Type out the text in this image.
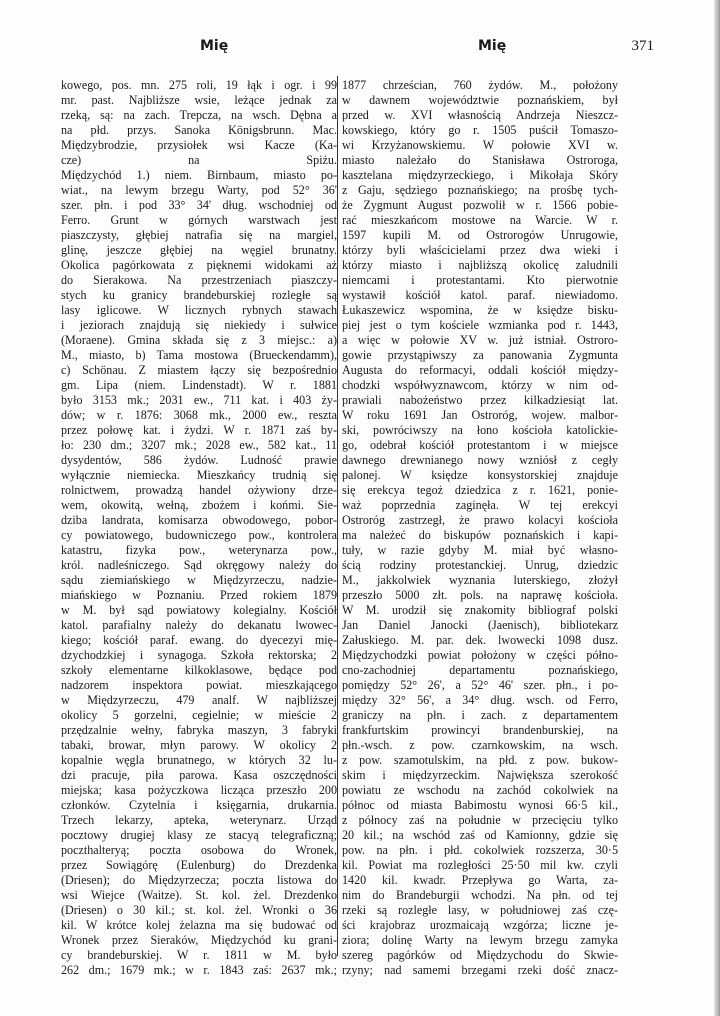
Mię	Mię	371
kowego, pos. mn. 275 roli, 19 łąk i ogr. i 99
mr. past. Najbliższe wsie, leżące jednak za
rzeką, są: na zach. Trepcza, na wsch. Dębna a
na płd. przys. Sanoka Königsbrunn. Mac.
Międzybrodzie, przysiołek wsi Kacze (Ka-
cze) na Spiżu.
Międzychód 1.) niem. Birnbaum, miasto po-
wiat., na lewym brzegu Warty, pod 52° 36'
szer. płn. i pod 33° 34' dług. wschodniej od
Ferro. Grunt w górnych warstwach jest
piaszczysty, głębiej natrafia się na margiel,
glinę, jeszcze głębiej na węgiel brunatny.
Okolica pagórkowata z pięknemi widokami aż
do Sierakowa. Na przestrzeniach piaszczy-
stych ku granicy brandeburskiej rozległe są
lasy iglicowe. W licznych rybnych stawach
i jeziorach znajdują się niekiedy i sułwice
(Moraene). Gmina składa się z 3 miejsc.: a)
M., miasto, b) Tama mostowa (Brueckendamm),
c) Schönau. Z miastem łączy się bezpośrednio
gm. Lipa (niem. Lindenstadt). W r. 1881
było 3153 mk.; 2031 ew., 711 kat. i 403 ży-
dów; w r. 1876: 3068 mk., 2000 ew., reszta
przez połowę kat. i żydzi. W r. 1871 zaś by-
ło: 230 dm.; 3207 mk.; 2028 ew., 582 kat., 11
dysydentów, 586 żydów. Ludność prawie
wyłącznie niemiecka. Mieszkańcy trudnią się
rolnictwem, prowadzą handel ożywiony drze-
wem, okowitą, wełną, zbożem i końmi. Sie-
dziba landrata, komisarza obwodowego, pobor-
cy powiatowego, budowniczego pow., kontrolera
katastru, fizyka pow., weterynarza pow.,
król. nadleśniczego. Sąd okręgowy należy do
sądu ziemiańskiego w Międzyrzeczu, nadzie-
miańskiego w Poznaniu. Przed rokiem 1879
w M. był sąd powiatowy kolegialny. Kościół
katol. parafialny należy do dekanatu lwowec-
kiego; kościół paraf. ewang. do dyecezyi mię-
dzychodzkiej i synagoga. Szkoła rektorska; 2
szkoły elementarne kilkoklasowe, będące pod
nadzorem inspektora powiat. mieszkającego
w Międzyrzeczu, 479 analf. W najbliższej
okolicy 5 gorzelni, cegielnie; w mieście 2
przędzalnie wełny, fabryka maszyn, 3 fabryki
tabaki, browar, młyn parowy. W okolicy 2
kopalnie węgla brunatnego, w których 32 lu-
dzi pracuje, piła parowa. Kasa oszczędności
miejska; kasa pożyczkowa licząca przeszło 200
członków. Czytelnia i księgarnia, drukarnia.
Trzech lekarzy, apteka, weterynarz. Urząd
pocztowy drugiej klasy ze stacyą telegraficzną;
poczthalteryą; poczta osobowa do Wronek,
przez Sowiągórę (Eulenburg) do Drezdenka
(Driesen); do Międzyrzecza; poczta listowa do
wsi Wiejce (Waitze). St. kol. żel. Drezdenko
(Driesen) o 30 kil.; st. kol. żel. Wronki o 36
kil. W krótce kolej żelazna ma się budować od
Wronek przez Sieraków, Międzychód ku grani-
cy brandeburskiej. W r. 1811 w M. było
262 dm.; 1679 mk.; w r. 1843 zaś: 2637 mk.;
1877 chrześcian, 760 żydów. M., położony
w dawnem województwie poznańskiem, był
przed w. XVI własnością Andrzeja Nieszcz-
kowskiego, który go r. 1505 puścił Tomaszo-
wi Krzyżanowskiemu. W połowie XVI w.
miasto należało do Stanisława Ostroroga,
kasztelana międzyrzeckiego, i Mikołaja Skóry
z Gaju, sędziego poznańskiego; na prośbę tych-
że Zygmunt August pozwolił w r. 1566 pobie-
rać mieszkańcom mostowe na Warcie. W r.
1597 kupili M. od Ostrorogów Unrugowie,
którzy byli właścicielami przez dwa wieki i
którzy miasto i najbliższą okolicę zaludnili
niemcami i protestantami. Kto pierwotnie
wystawił kościół katol. paraf. niewiadomo.
Łukaszewicz wspomina, że w księdze bisku-
piej jest o tym kościele wzmianka pod r. 1443,
a więc w połowie XV w. już istniał. Ostroro-
gowie przystąpiwszy za panowania Zygmunta
Augusta do reformacyi, oddali kościół między-
chodzki współwyznawcom, którzy w nim od-
prawiali nabożeństwo przez kilkadziesiąt lat.
W roku 1691 Jan Ostroróg, wojew. malbor-
ski, powróciwszy na łono kościoła katolickie-
go, odebrał kościół protestantom i w miejsce
dawnego drewnianego nowy wzniósł z cegły
palonej. W księdze konsystorskiej znajduje
się erekcya tegoż dziedzica z r. 1621, ponie-
waż poprzednia zaginęła. W tej erekcyi
Ostroróg zastrzegł, że prawo kolacyi kościoła
ma należeć do biskupów poznańskich i kapi-
tuły, w razie gdyby M. miał być własno-
ścią rodziny protestanckiej. Unrug, dziedzic
M., jakkolwiek wyznania luterskiego, złożył
przeszło 5000 złt. pols. na naprawę kościoła.
W M. urodził się znakomity bibliograf polski
Jan Daniel Janocki (Jaenisch), bibliotekarz
Załuskiego. M. par. dek. lwowecki 1098 dusz.
Międzychodzki powiat położony w części półno-
cno-zachodniej departamentu poznańskiego,
pomiędzy 52° 26', a 52° 46' szer. płn., i po-
między 32° 56', a 34° dług. wsch. od Ferro,
graniczy na płn. i zach. z departamentem
frankfurtskim prowincyi brandenburskiej, na
płn.-wsch. z pow. czarnkowskim, na wsch.
z pow. szamotulskim, na płd. z pow. bukow-
skim i międzyrzeckim. Największa szerokość
powiatu ze wschodu na zachód cokolwiek na
północ od miasta Babimostu wynosi 66·5 kil.,
z północy zaś na południe w przecięciu tylko
20 kil.; na wschód zaś od Kamionny, gdzie się
pow. na płn. i płd. cokolwiek rozszerza, 30·5
kil. Powiat ma rozległości 25·50 mil kw. czyli
1420 kil. kwadr. Przepływa go Warta, za-
nim do Brandeburgii wchodzi. Na płn. od tej
rzeki są rozległe lasy, w południowej zaś czę-
ści krajobraz urozmaicają wzgórza; liczne je-
ziora; dolinę Warty na lewym brzegu zamyka
szereg pagórków od Międzychodu do Skwie-
rzyny; nad samemi brzegami rzeki dość znacz-
